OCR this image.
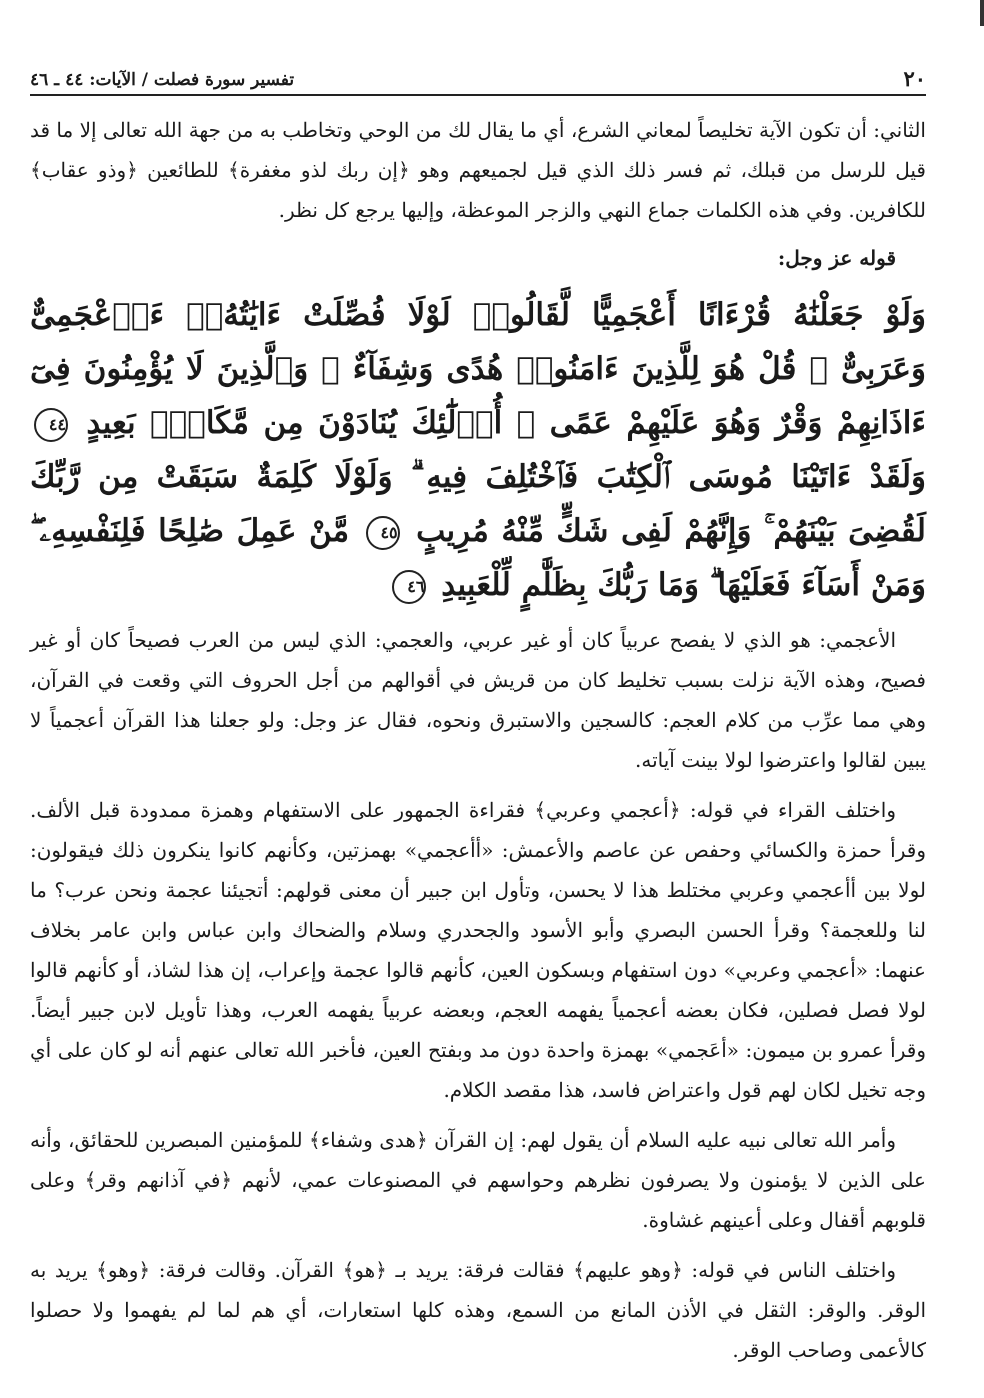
٢٠
تفسير سورة فصلت / الآيات: ٤٤ ـ ٤٦

الثاني: أن تكون الآية تخليصاً لمعاني الشرع، أي ما يقال لك من الوحي وتخاطب به من جهة الله تعالى إلا ما قد قيل للرسل من قبلك، ثم فسر ذلك الذي قيل لجميعهم وهو ﴿إن ربك لذو مغفرة﴾ للطائعين ﴿وذو عقاب﴾ للكافرين. وفي هذه الكلمات جماع النهي والزجر الموعظة، وإليها يرجع كل نظر.

قوله عز وجل:

وَلَوْ جَعَلْنَٰهُ قُرْءَانًا أَعْجَمِيًّا لَّقَالُوا۟ لَوْلَا فُصِّلَتْ ءَايَٰتُهُۥٓ ءَا۬عْجَمِىٌّ وَعَرَبِىٌّ ۗ قُلْ هُوَ لِلَّذِينَ ءَامَنُوا۟ هُدًى وَشِفَآءٌ ۖ وَٱلَّذِينَ لَا يُؤْمِنُونَ فِىٓ ءَاذَانِهِمْ وَقْرٌ وَهُوَ عَلَيْهِمْ عَمًى ۚ أُو۟لَٰٓئِكَ يُنَادَوْنَ مِن مَّكَانٍۭ بَعِيدٍ ٤٤ وَلَقَدْ ءَاتَيْنَا مُوسَى ٱلْكِتَٰبَ فَٱخْتُلِفَ فِيهِ ۗ وَلَوْلَا كَلِمَةٌ سَبَقَتْ مِن رَّبِّكَ لَقُضِىَ بَيْنَهُمْ ۚ وَإِنَّهُمْ لَفِى شَكٍّ مِّنْهُ مُرِيبٍ ٤٥ مَّنْ عَمِلَ صَٰلِحًا فَلِنَفْسِهِۦ ۖ وَمَنْ أَسَآءَ فَعَلَيْهَا ۗ وَمَا رَبُّكَ بِظَلَّٰمٍ لِّلْعَبِيدِ ٤٦

الأعجمي: هو الذي لا يفصح عربياً كان أو غير عربي، والعجمي: الذي ليس من العرب فصيحاً كان أو غير فصيح، وهذه الآية نزلت بسبب تخليط كان من قريش في أقوالهم من أجل الحروف التي وقعت في القرآن، وهي مما عرِّب من كلام العجم: كالسجين والاستبرق ونحوه، فقال عز وجل: ولو جعلنا هذا القرآن أعجمياً لا يبين لقالوا واعترضوا لولا بينت آياته.

واختلف القراء في قوله: ﴿أعجمي وعربي﴾ فقراءة الجمهور على الاستفهام وهمزة ممدودة قبل الألف. وقرأ حمزة والكسائي وحفص عن عاصم والأعمش: «أأعجمي» بهمزتين، وكأنهم كانوا ينكرون ذلك فيقولون: لولا بين أأعجمي وعربي مختلط هذا لا يحسن، وتأول ابن جبير أن معنى قولهم: أتجيئنا عجمة ونحن عرب؟ ما لنا وللعجمة؟ وقرأ الحسن البصري وأبو الأسود والجحدري وسلام والضحاك وابن عباس وابن عامر بخلاف عنهما: «أعجمي وعربي» دون استفهام وبسكون العين، كأنهم قالوا عجمة وإعراب، إن هذا لشاذ، أو كأنهم قالوا لولا فصل فصلين، فكان بعضه أعجمياً يفهمه العجم، وبعضه عربياً يفهمه العرب، وهذا تأويل لابن جبير أيضاً. وقرأ عمرو بن ميمون: «أعَجمي» بهمزة واحدة دون مد وبفتح العين، فأخبر الله تعالى عنهم أنه لو كان على أي وجه تخيل لكان لهم قول واعتراض فاسد، هذا مقصد الكلام.

وأمر الله تعالى نبيه عليه السلام أن يقول لهم: إن القرآن ﴿هدى وشفاء﴾ للمؤمنين المبصرين للحقائق، وأنه على الذين لا يؤمنون ولا يصرفون نظرهم وحواسهم في المصنوعات عمي، لأنهم ﴿في آذانهم وقر﴾ وعلى قلوبهم أقفال وعلى أعينهم غشاوة.

واختلف الناس في قوله: ﴿وهو عليهم﴾ فقالت فرقة: يريد بـ ﴿هو﴾ القرآن. وقالت فرقة: ﴿وهو﴾ يريد به الوقر. والوقر: الثقل في الأذن المانع من السمع، وهذه كلها استعارات، أي هم لما لم يفهموا ولا حصلوا كالأعمى وصاحب الوقر.
